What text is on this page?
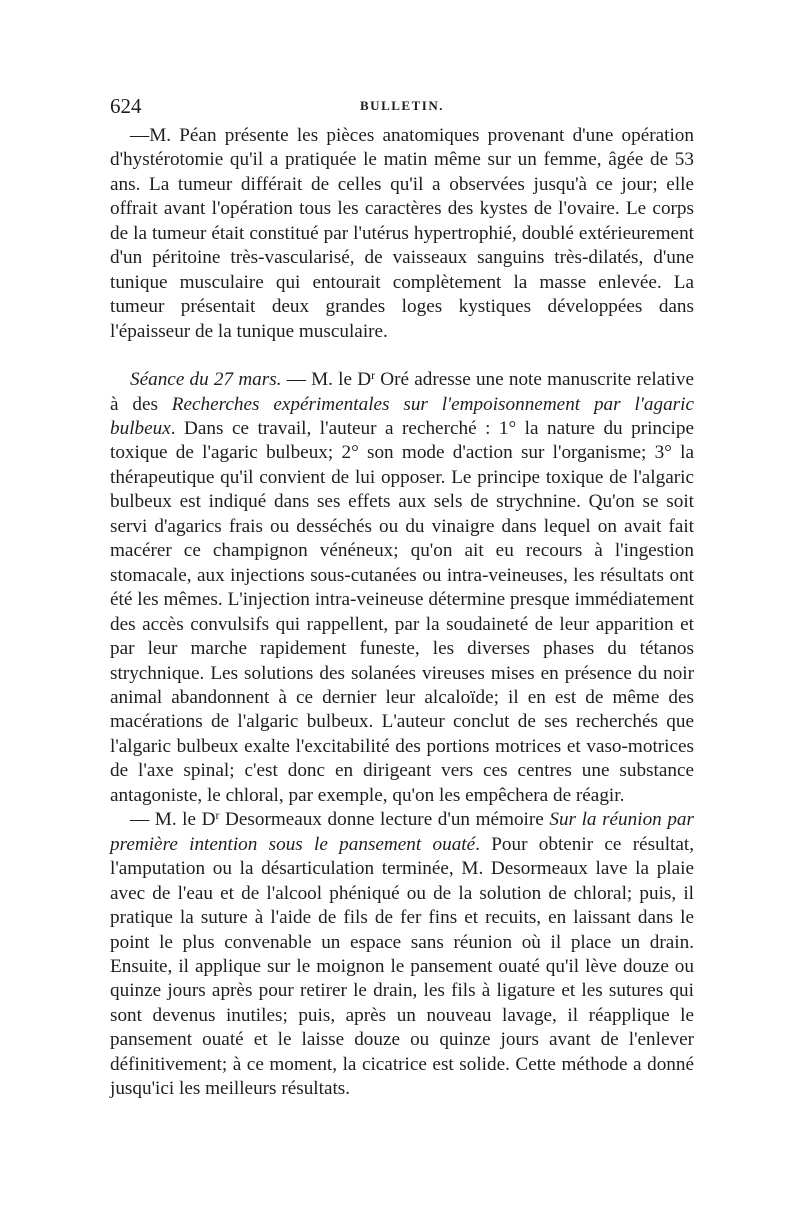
624	BULLETIN.

—M. Péan présente les pièces anatomiques provenant d'une opération d'hystérotomie qu'il a pratiquée le matin même sur un femme, âgée de 53 ans. La tumeur différait de celles qu'il a observées jusqu'à ce jour; elle offrait avant l'opération tous les caractères des kystes de l'ovaire. Le corps de la tumeur était constitué par l'utérus hypertrophié, doublé extérieurement d'un péritoine très-vascularisé, de vaisseaux sanguins très-dilatés, d'une tunique musculaire qui entourait complètement la masse enlevée. La tumeur présentait deux grandes loges kystiques développées dans l'épaisseur de la tunique musculaire.

Séance du 27 mars. — M. le $D^r$ Oré adresse une note manuscrite relative à des Recherches expérimentales sur l'empoisonnement par l'agaric bulbeux. Dans ce travail, l'auteur a recherché : 1° la nature du principe toxique de l'agaric bulbeux; 2° son mode d'action sur l'organisme; 3° la thérapeutique qu'il convient de lui opposer. Le principe toxique de l'algaric bulbeux est indiqué dans ses effets aux sels de strychnine. Qu'on se soit servi d'agarics frais ou desséchés ou du vinaigre dans lequel on avait fait macérer ce champignon vénéneux; qu'on ait eu recours à l'ingestion stomacale, aux injections sous-cutanées ou intra-veineuses, les résultats ont été les mêmes. L'injection intra-veineuse détermine presque immédiatement des accès convulsifs qui rappellent, par la soudaineté de leur apparition et par leur marche rapidement funeste, les diverses phases du tétanos strychnique. Les solutions des solanées vireuses mises en présence du noir animal abandonnent à ce dernier leur alcaloïde; il en est de même des macérations de l'algaric bulbeux. L'auteur conclut de ses recherchés que l'algaric bulbeux exalte l'excitabilité des portions motrices et vaso-motrices de l'axe spinal; c'est donc en dirigeant vers ces centres une substance antagoniste, le chloral, par exemple, qu'on les empêchera de réagir.

— M. le $D^r$ Desormeaux donne lecture d'un mémoire Sur la réunion par première intention sous le pansement ouaté. Pour obtenir ce résultat, l'amputation ou la désarticulation terminée, M. Desormeaux lave la plaie avec de l'eau et de l'alcool phéniqué ou de la solution de chloral; puis, il pratique la suture à l'aide de fils de fer fins et recuits, en laissant dans le point le plus convenable un espace sans réunion où il place un drain. Ensuite, il applique sur le moignon le pansement ouaté qu'il lève douze ou quinze jours après pour retirer le drain, les fils à ligature et les sutures qui sont devenus inutiles; puis, après un nouveau lavage, il réapplique le pansement ouaté et le laisse douze ou quinze jours avant de l'enlever définitivement; à ce moment, la cicatrice est solide. Cette méthode a donné jusqu'ici les meilleurs résultats.
